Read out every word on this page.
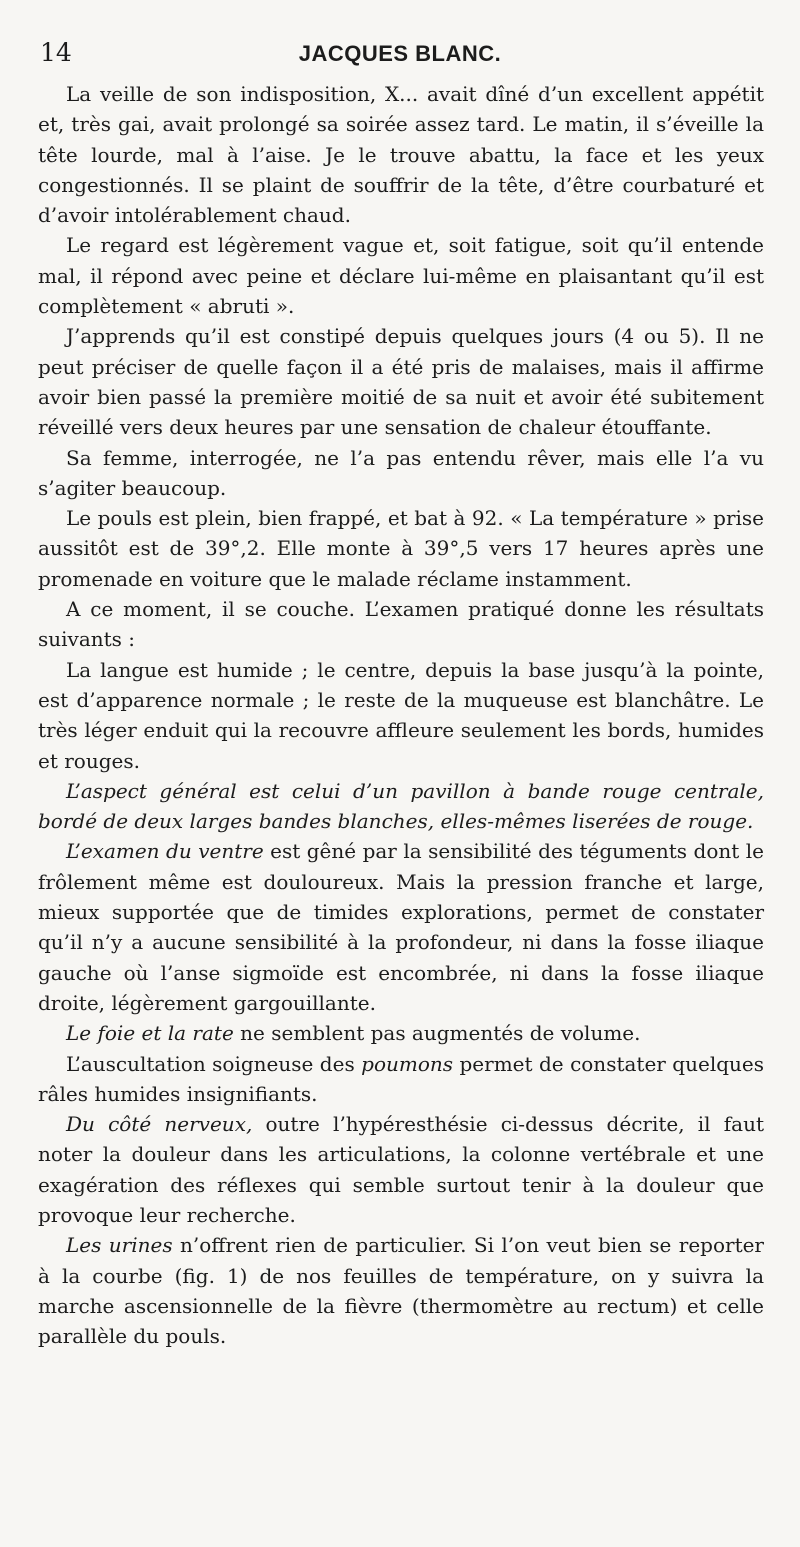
14	JACQUES BLANC.

La veille de son indisposition, X... avait dîné d’un excellent appétit et, très gai, avait prolongé sa soirée assez tard. Le matin, il s’éveille la tête lourde, mal à l’aise. Je le trouve abattu, la face et les yeux congestionnés. Il se plaint de souffrir de la tête, d’être courbaturé et d’avoir intolérablement chaud.

Le regard est légèrement vague et, soit fatigue, soit qu’il entende mal, il répond avec peine et déclare lui-même en plaisantant qu’il est complètement « abruti ».

J’apprends qu’il est constipé depuis quelques jours (4 ou 5). Il ne peut préciser de quelle façon il a été pris de malaises, mais il affirme avoir bien passé la première moitié de sa nuit et avoir été subitement réveillé vers deux heures par une sensation de chaleur étouffante.

Sa femme, interrogée, ne l’a pas entendu rêver, mais elle l’a vu s’agiter beaucoup.

Le pouls est plein, bien frappé, et bat à 92. « La température » prise aussitôt est de 39°,2. Elle monte à 39°,5 vers 17 heures après une promenade en voiture que le malade réclame instamment.

A ce moment, il se couche. L’examen pratiqué donne les résultats suivants :

La langue est humide ; le centre, depuis la base jusqu’à la pointe, est d’apparence normale ; le reste de la muqueuse est blanchâtre. Le très léger enduit qui la recouvre affleure seulement les bords, humides et rouges.

L’aspect général est celui d’un pavillon à bande rouge centrale, bordé de deux larges bandes blanches, elles-mêmes liserées de rouge.

L’examen du ventre est gêné par la sensibilité des téguments dont le frôlement même est douloureux. Mais la pression franche et large, mieux supportée que de timides explorations, permet de constater qu’il n’y a aucune sensibilité à la profondeur, ni dans la fosse iliaque gauche où l’anse sigmoïde est encombrée, ni dans la fosse iliaque droite, légèrement gargouillante.

Le foie et la rate ne semblent pas augmentés de volume.

L’auscultation soigneuse des poumons permet de constater quelques râles humides insignifiants.

Du côté nerveux, outre l’hypéresthésie ci-dessus décrite, il faut noter la douleur dans les articulations, la colonne vertébrale et une exagération des réflexes qui semble surtout tenir à la douleur que provoque leur recherche.

Les urines n’offrent rien de particulier. Si l’on veut bien se reporter à la courbe (fig. 1) de nos feuilles de température, on y suivra la marche ascensionnelle de la fièvre (thermomètre au rectum) et celle parallèle du pouls.
